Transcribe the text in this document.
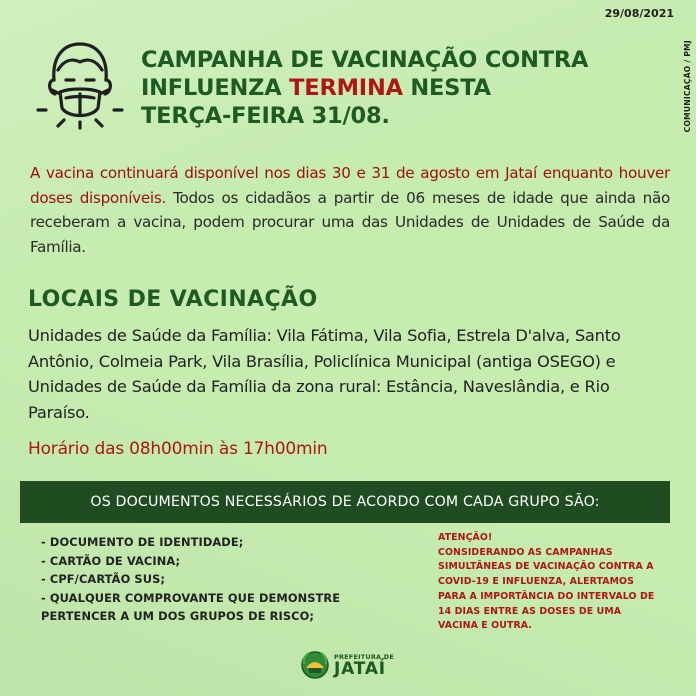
29/08/2021
COMUNICAÇÃO / PMJ
CAMPANHA DE VACINAÇÃO CONTRA
INFLUENZA TERMINA NESTA
TERÇA-FEIRA 31/08.
A vacina continuará disponível nos dias 30 e 31 de agosto em Jataí enquanto houver doses disponíveis. Todos os cidadãos a partir de 06 meses de idade que ainda não receberam a vacina, podem procurar uma das Unidades de Unidades de Saúde da Família.
LOCAIS DE VACINAÇÃO
Unidades de Saúde da Família: Vila Fátima, Vila Sofia, Estrela D'alva, Santo Antônio, Colmeia Park, Vila Brasília, Policlínica Municipal (antiga OSEGO) e Unidades de Saúde da Família da zona rural: Estância, Naveslândia, e Rio Paraíso.
Horário das 08h00min às 17h00min
OS DOCUMENTOS NECESSÁRIOS DE ACORDO COM CADA GRUPO SÃO:
- DOCUMENTO DE IDENTIDADE;
- CARTÃO DE VACINA;
- CPF/CARTÃO SUS;
- QUALQUER COMPROVANTE QUE DEMONSTRE
PERTENCER A UM DOS GRUPOS DE RISCO;
ATENÇÃO!
CONSIDERANDO AS CAMPANHAS SIMULTÂNEAS DE VACINAÇÃO CONTRA A COVID-19 E INFLUENZA, ALERTAMOS PARA A IMPORTÂNCIA DO INTERVALO DE 14 DIAS ENTRE AS DOSES DE UMA VACINA E OUTRA.
PREFEITURA DE
JATAÍ
